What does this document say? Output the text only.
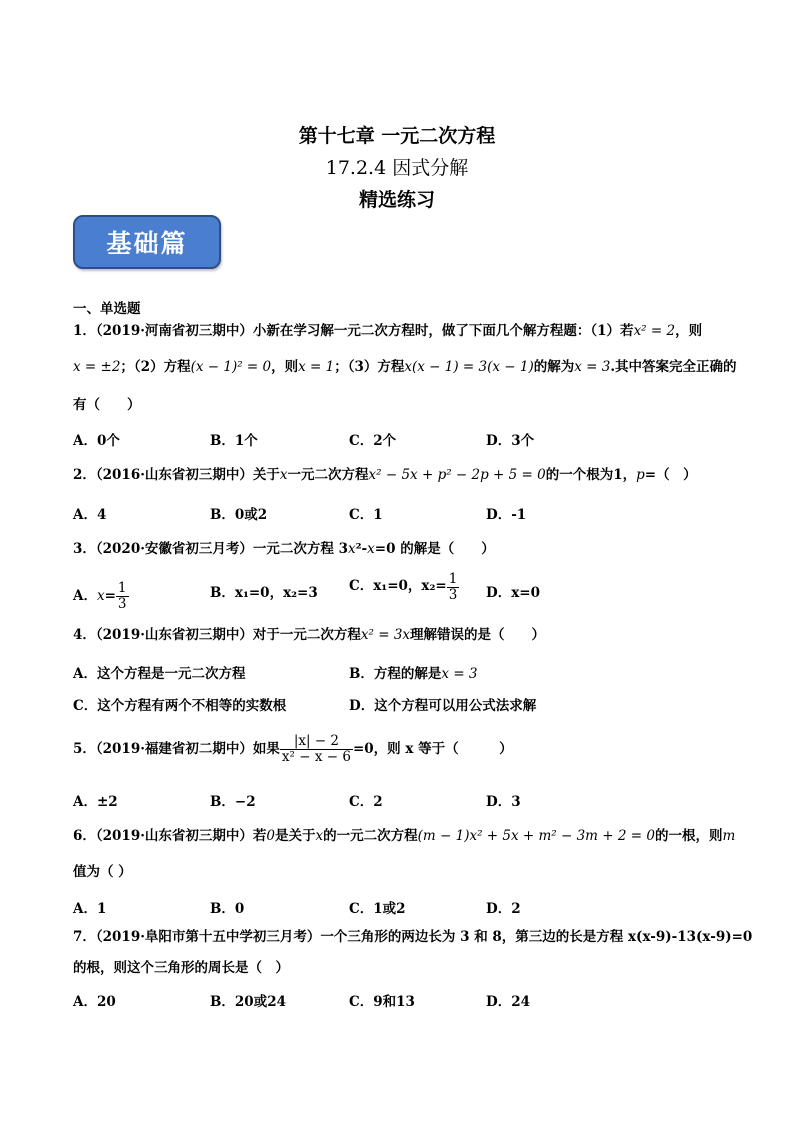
第十七章 一元二次方程
17.2.4 因式分解
精选练习
基础篇
一、单选题
1．（2019·河南省初三期中）小新在学习解一元二次方程时，做了下面几个解方程题：（1）若x² = 2，则
x = ±2；（2）方程(x − 1)² = 0，则x = 1；（3）方程x(x − 1) = 3(x − 1)的解为x = 3.其中答案完全正确的
有（　　）
A．0个	B．1个	C．2个	D．3个
2．（2016·山东省初三期中）关于x一元二次方程x² − 5x + p² − 2p + 5 = 0的一个根为1，p=（　）
A．4	B．0或2	C．1	D．-1
3．（2020·安徽省初三月考）一元二次方程 3x²-x=0 的解是（　　）
A．$x= \frac{1}{3}$	B．x₁=0，x₂=3 C．x₁=0，$x_2= \frac{1}{3}$ D．x=0
4．（2019·山东省初三期中）对于一元二次方程x² = 3x理解错误的是（　　）
A．这个方程是一元二次方程	B．方程的解是x = 3
C．这个方程有两个不相等的实数根	D．这个方程可以用公式法求解
5．（2019·福建省初二期中）如果 $\frac{|x| - 2}{\text{x² − x − 6}} =0$，则 x 等于（　　　）
A．±2	B．−2	C．2	D．3
6．（2019·山东省初三期中）若0是关于x的一元二次方程(m − 1)x² + 5x + m² − 3m + 2 = 0的一根，则m
值为（ ）
A．1	B．0	C．1或2	D．2
7．（2019·阜阳市第十五中学初三月考）一个三角形的两边长为 3 和 8，第三边的长是方程 x(x-9)-13(x-9)=0
的根，则这个三角形的周长是（　）
A．20	B．20或24	C．9和13	D．24
